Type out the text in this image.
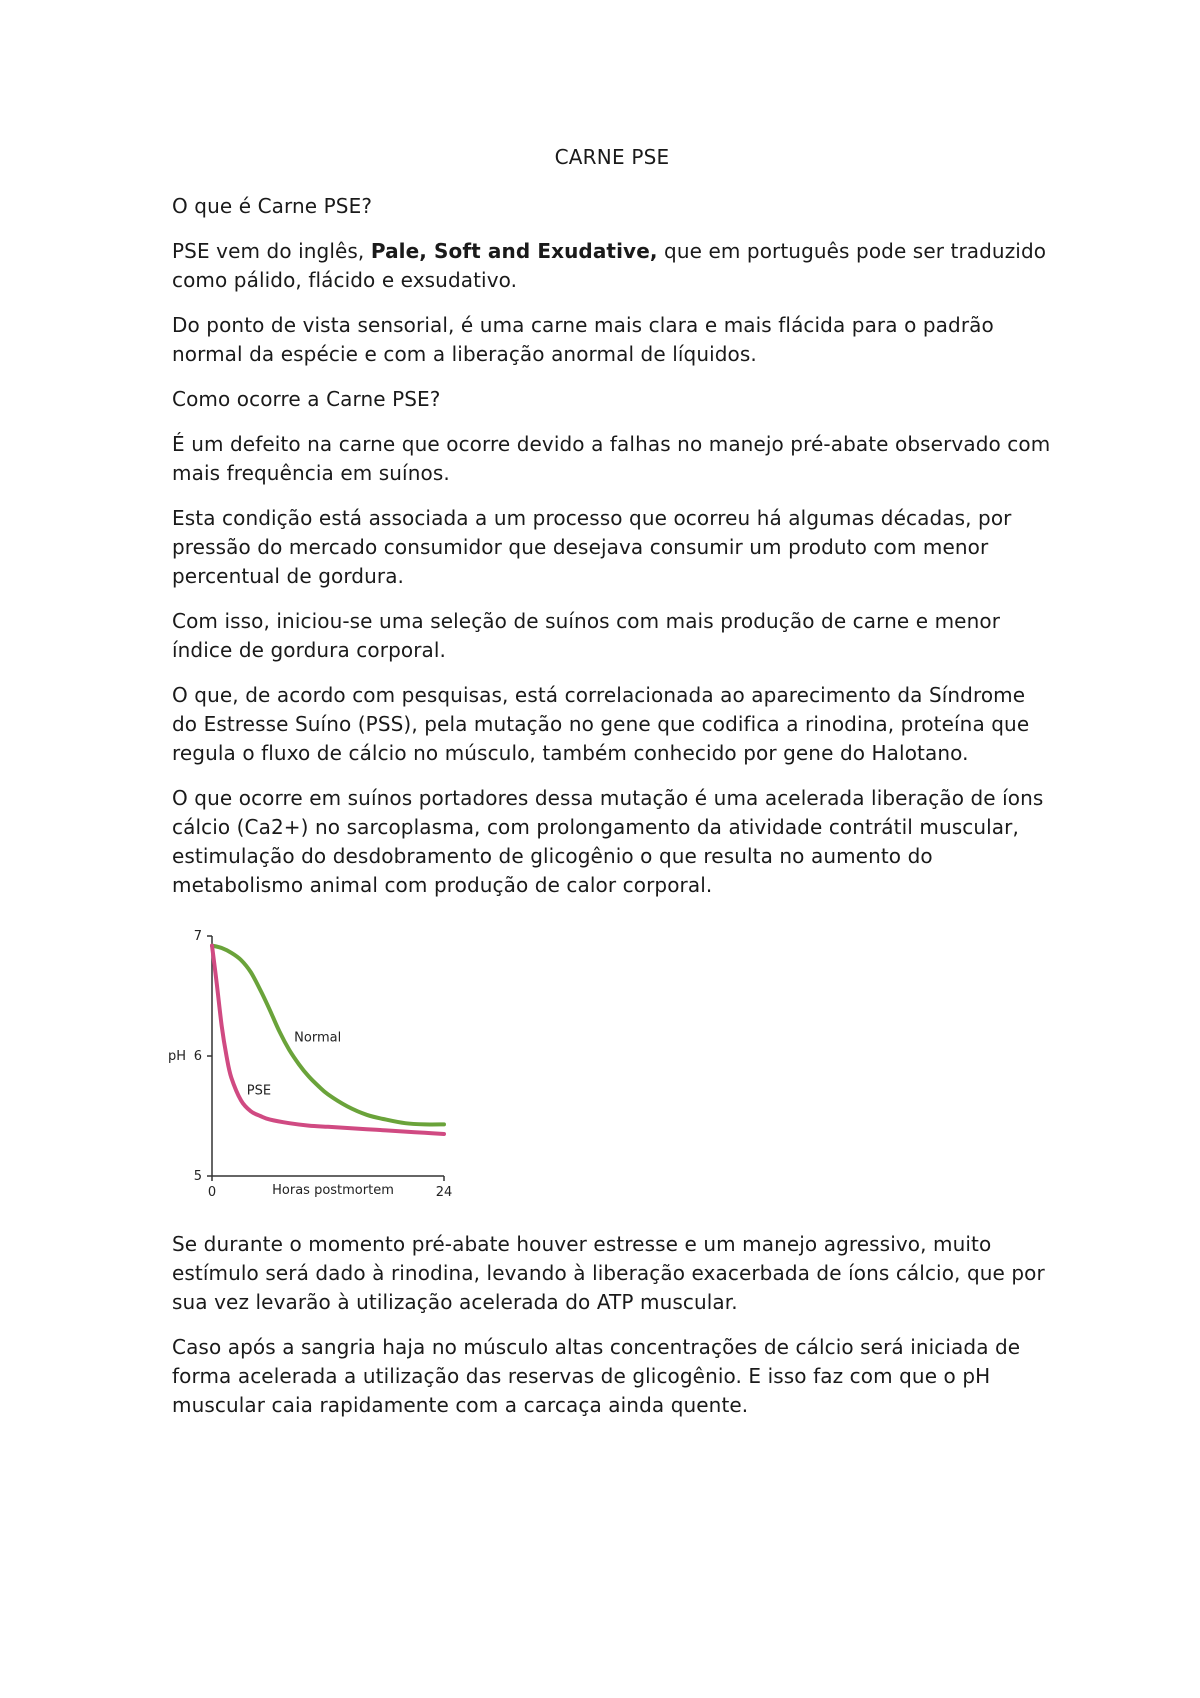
CARNE PSE

O que é Carne PSE?

PSE vem do inglês, Pale, Soft and Exudative, que em português pode ser traduzido como pálido, flácido e exsudativo.

Do ponto de vista sensorial, é uma carne mais clara e mais flácida para o padrão normal da espécie e com a liberação anormal de líquidos.

Como ocorre a Carne PSE?

É um defeito na carne que ocorre devido a falhas no manejo pré-abate observado com mais frequência em suínos.

Esta condição está associada a um processo que ocorreu há algumas décadas, por pressão do mercado consumidor que desejava consumir um produto com menor percentual de gordura.

Com isso, iniciou-se uma seleção de suínos com mais produção de carne e menor índice de gordura corporal.

O que, de acordo com pesquisas, está correlacionada ao aparecimento da Síndrome do Estresse Suíno (PSS), pela mutação no gene que codifica a rinodina, proteína que regula o fluxo de cálcio no músculo, também conhecido por gene do Halotano.

O que ocorre em suínos portadores dessa mutação é uma acelerada liberação de íons cálcio (Ca2+) no sarcoplasma, com prolongamento da atividade contrátil muscular, estimulação do desdobramento de glicogênio o que resulta no aumento do metabolismo animal com produção de calor corporal.

5
6
7
0	24
pH
Horas postmortem
Normal
PSE

Se durante o momento pré-abate houver estresse e um manejo agressivo, muito estímulo será dado à rinodina, levando à liberação exacerbada de íons cálcio, que por sua vez levarão à utilização acelerada do ATP muscular.

Caso após a sangria haja no músculo altas concentrações de cálcio será iniciada de forma acelerada a utilização das reservas de glicogênio. E isso faz com que o pH muscular caia rapidamente com a carcaça ainda quente.
